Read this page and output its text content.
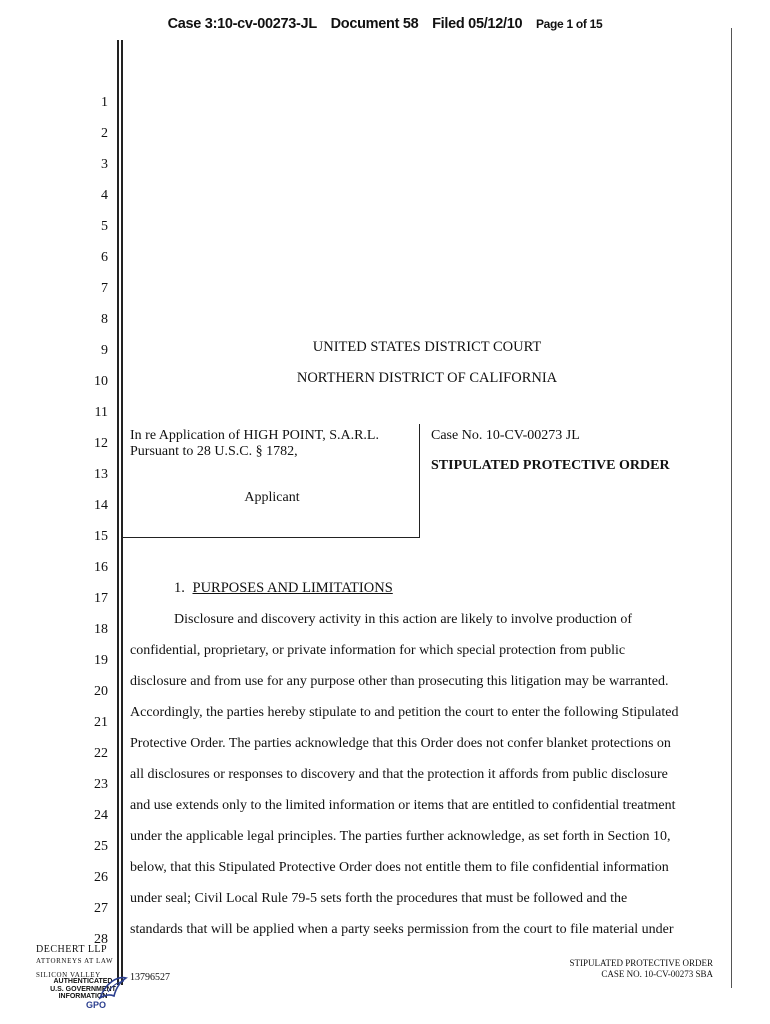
Case 3:10-cv-00273-JL Document 58 Filed 05/12/10 Page 1 of 15
1
2
3
4
5
6
7
8
9
10
11
12
13
14
15
16
17
18
19
20
21
22
23
24
25
26
27
28
UNITED STATES DISTRICT COURT
NORTHERN DISTRICT OF CALIFORNIA
In re Application of HIGH POINT, S.A.R.L.
Pursuant to 28 U.S.C. § 1782,
Applicant
Case No. 10-CV-00273 JL
STIPULATED PROTECTIVE ORDER
1. PURPOSES AND LIMITATIONS
Disclosure and discovery activity in this action are likely to involve production of
confidential, proprietary, or private information for which special protection from public
disclosure and from use for any purpose other than prosecuting this litigation may be warranted.
Accordingly, the parties hereby stipulate to and petition the court to enter the following Stipulated
Protective Order. The parties acknowledge that this Order does not confer blanket protections on
all disclosures or responses to discovery and that the protection it affords from public disclosure
and use extends only to the limited information or items that are entitled to confidential treatment
under the applicable legal principles. The parties further acknowledge, as set forth in Section 10,
below, that this Stipulated Protective Order does not entitle them to file confidential information
under seal; Civil Local Rule 79-5 sets forth the procedures that must be followed and the
standards that will be applied when a party seeks permission from the court to file material under
DECHERT LLP
ATTORNEYS AT LAW
SILICON VALLEY	13796527
STIPULATED PROTECTIVE ORDER
CASE NO. 10-CV-00273 SBA
AUTHENTICATED
U.S. GOVERNMENT
INFORMATION
GPO
